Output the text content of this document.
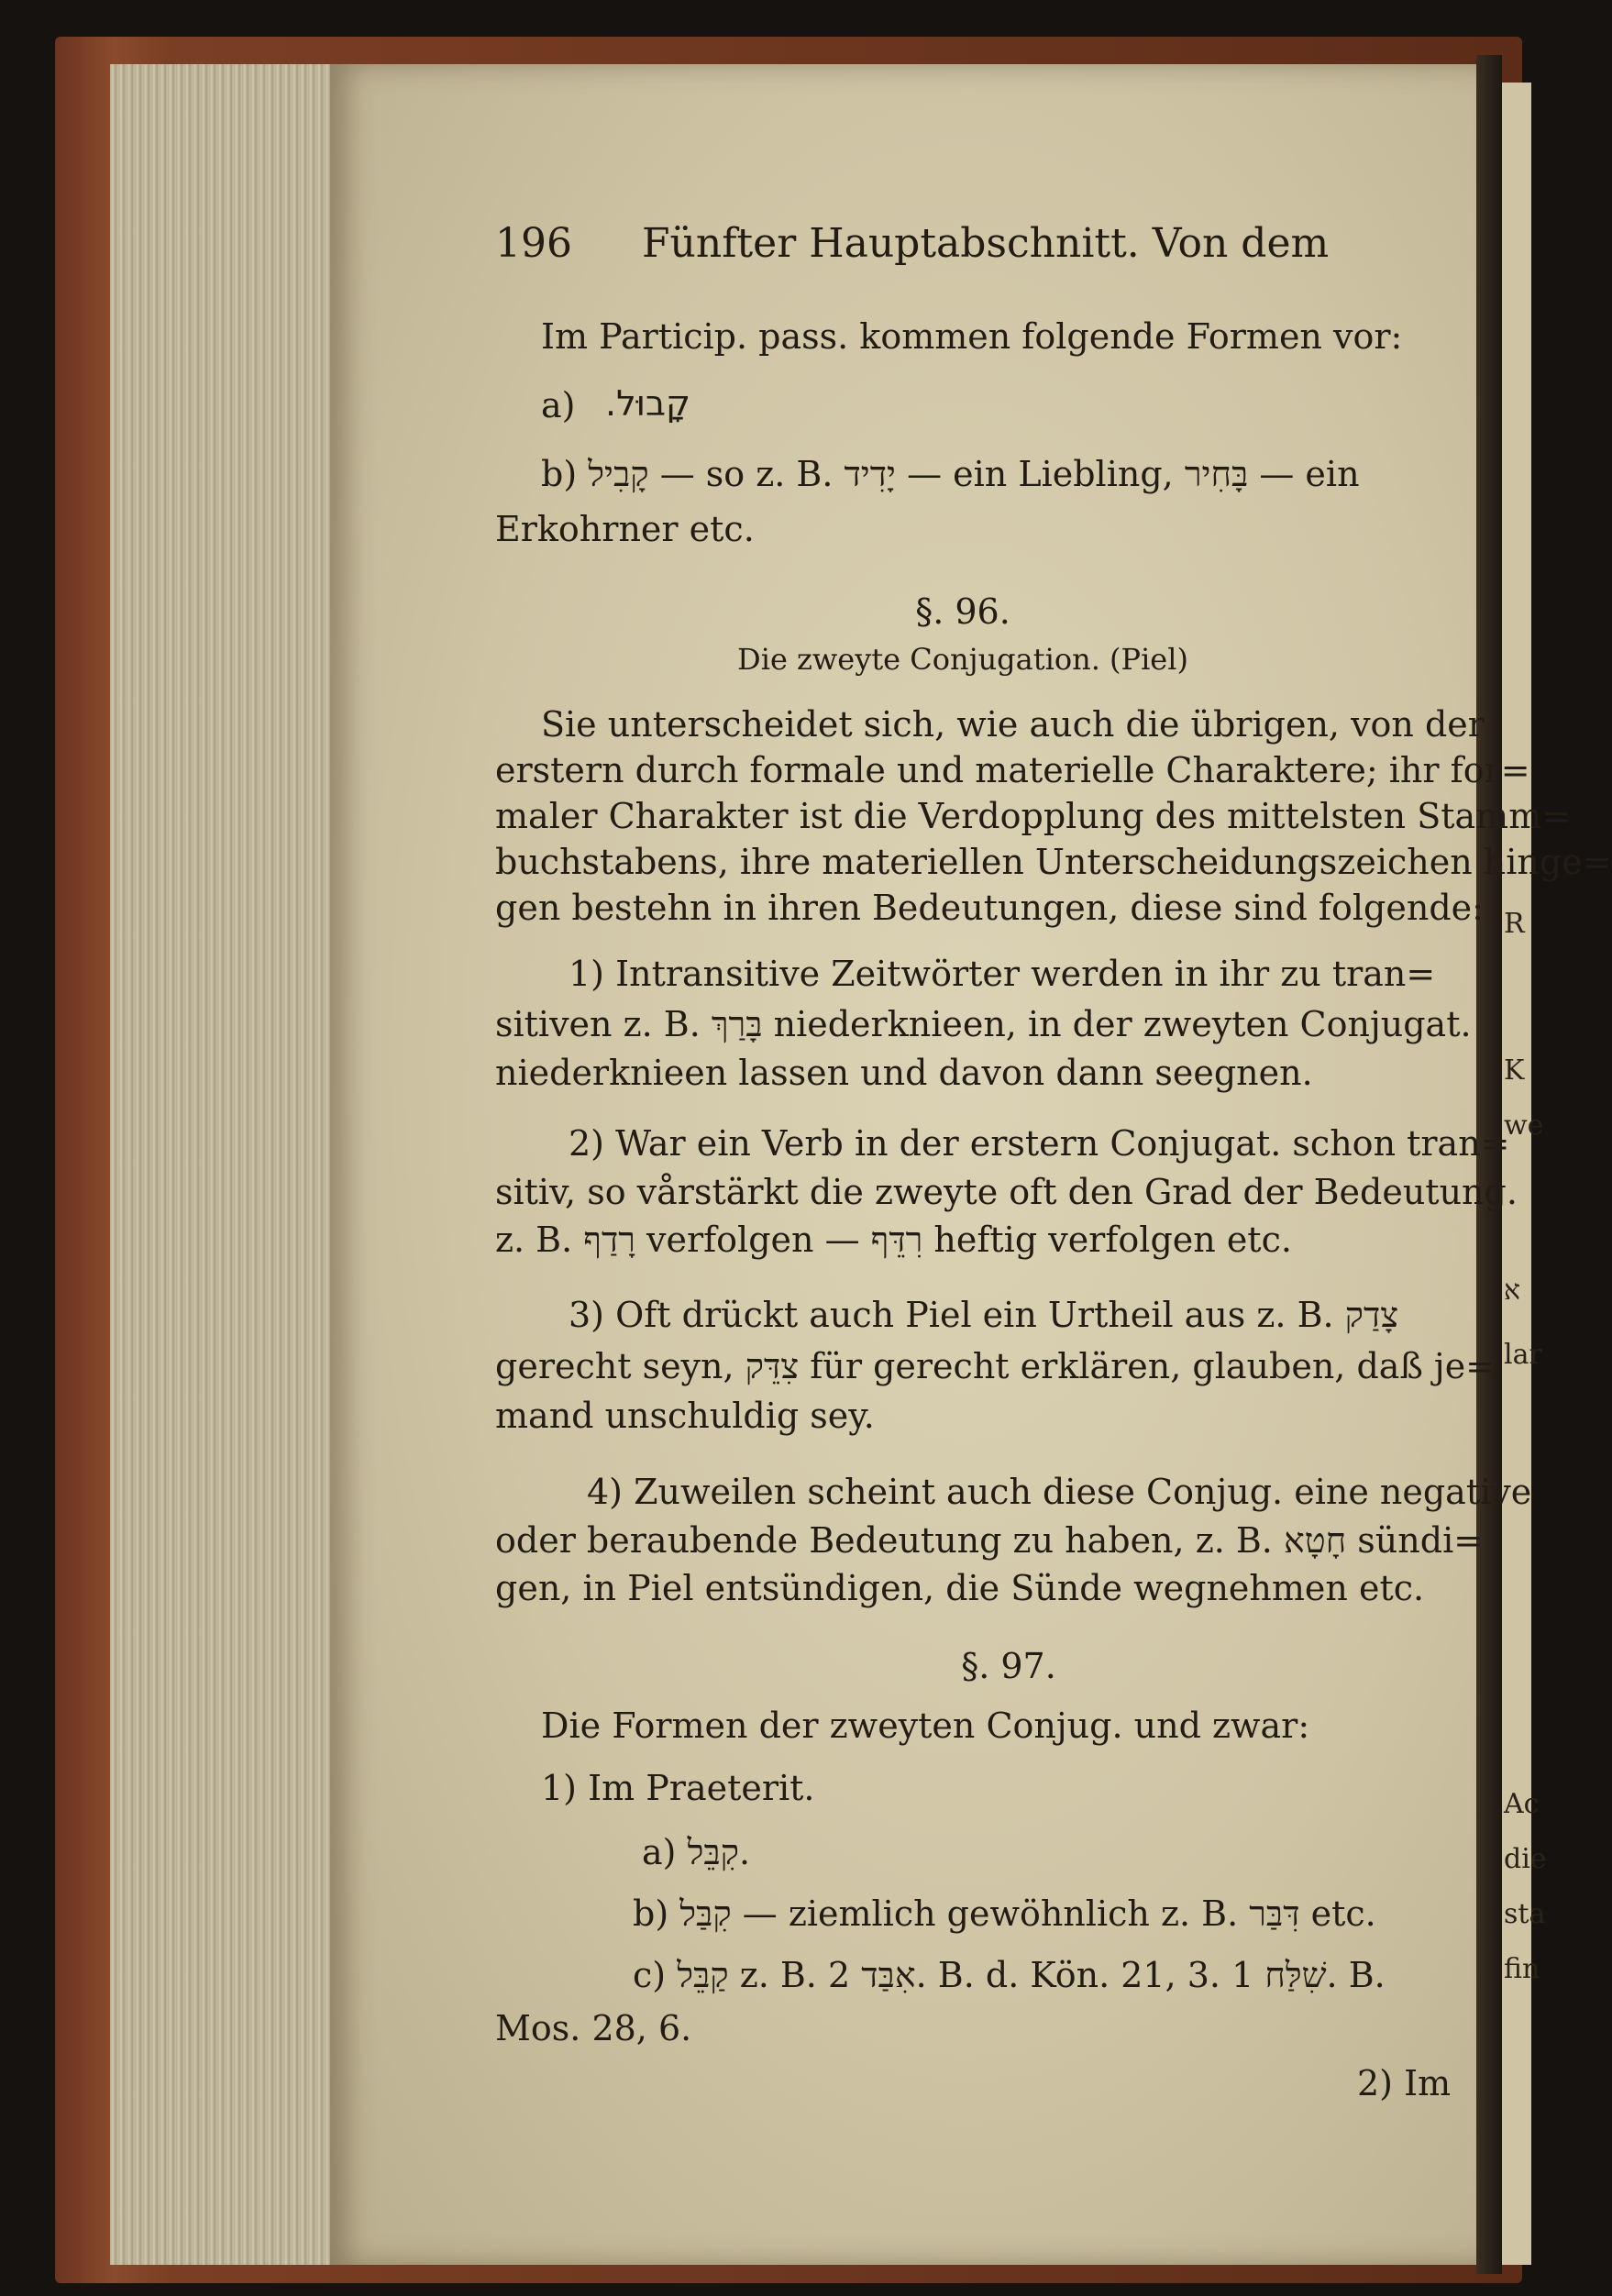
R
K
we
א
lar
Ac
die
sta
fin
196 Fünfter Hauptabschnitt. Von dem
Im Particip. pass. kommen folgende Formen vor:
a) קָבוּל.
b) קָבִיל — so z. B. יָדִיד — ein Liebling, בָּחִיר — ein
Erkohrner etc.
§. 96.
Die zweyte Conjugation. (Piel)
Sie unterscheidet sich, wie auch die übrigen, von der
erstern durch formale und materielle Charaktere; ihr for=
maler Charakter ist die Verdopplung des mittelsten Stamm=
buchstabens, ihre materiellen Unterscheidungszeichen hinge=
gen bestehn in ihren Bedeutungen, diese sind folgende:
1) Intransitive Zeitwörter werden in ihr zu tran=
sitiven z. B. בָּרַךְ niederknieen, in der zweyten Conjugat.
niederknieen lassen und davon dann seegnen.
2) War ein Verb in der erstern Conjugat. schon tran=
sitiv, so vårstärkt die zweyte oft den Grad der Bedeutung.
z. B. רָדַף verfolgen — רִדֵּף heftig verfolgen etc.
3) Oft drückt auch Piel ein Urtheil aus z. B. צָדַק
gerecht seyn, צִדֵּק für gerecht erklären, glauben, daß je=
mand unschuldig sey.
4) Zuweilen scheint auch diese Conjug. eine negative
oder beraubende Bedeutung zu haben, z. B. חָטָא sündi=
gen, in Piel entsündigen, die Sünde wegnehmen etc.
§. 97.
Die Formen der zweyten Conjug. und zwar:
1) Im Praeterit.
a) קִבֵּל.
b) קִבַּל — ziemlich gewöhnlich z. B. דִּבַּר etc.
c) קַבֵּל z. B. אִבַּד 2. B. d. Kön. 21, 3. שִׁלַּח 1. B.
Mos. 28, 6.
2) Im
